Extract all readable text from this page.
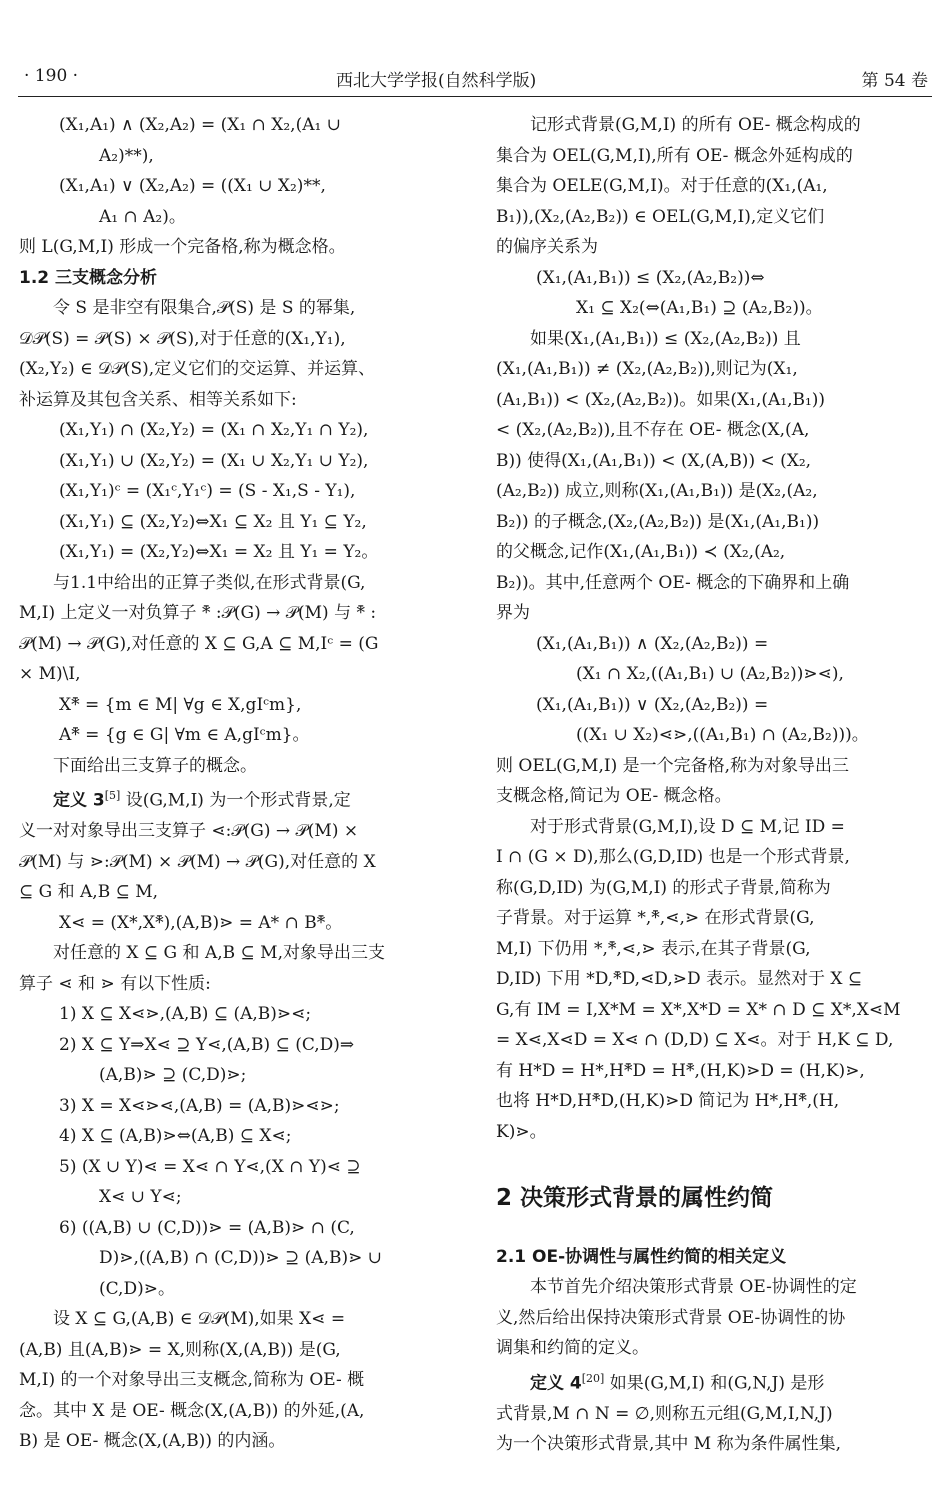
· 190 ·	西北大学学报(自然科学版)	第 54 卷
(X₁,A₁) ∧ (X₂,A₂) = (X₁ ∩ X₂,(A₁ ∪
A₂)**),
(X₁,A₁) ∨ (X₂,A₂) = ((X₁ ∪ X₂)**,
A₁ ∩ A₂)。
则 L(G,M,I) 形成一个完备格,称为概念格。
1.2 三支概念分析
令 S 是非空有限集合,𝒫(S) 是 S 的幂集,
𝒟𝒫(S) = 𝒫(S) × 𝒫(S),对于任意的(X₁,Y₁),
(X₂,Y₂) ∈ 𝒟𝒫(S),定义它们的交运算、并运算、
补运算及其包含关系、相等关系如下:
(X₁,Y₁) ∩ (X₂,Y₂) = (X₁ ∩ X₂,Y₁ ∩ Y₂),
(X₁,Y₁) ∪ (X₂,Y₂) = (X₁ ∪ X₂,Y₁ ∪ Y₂),
(X₁,Y₁)ᶜ = (X₁ᶜ,Y₁ᶜ) = (S - X₁,S - Y₁),
(X₁,Y₁) ⊆ (X₂,Y₂)⇔X₁ ⊆ X₂ 且 Y₁ ⊆ Y₂,
(X₁,Y₁) = (X₂,Y₂)⇔X₁ = X₂ 且 Y₁ = Y₂。
与1.1中给出的正算子类似,在形式背景(G,
M,I) 上定义一对负算子 *̄ :𝒫(G) → 𝒫(M) 与 *̄ :
𝒫(M) → 𝒫(G),对任意的 X ⊆ G,A ⊆ M,Iᶜ = (G
× M)\I,
X*̄ = {m ∈ M| ∀g ∈ X,gIᶜm},
A*̄ = {g ∈ G| ∀m ∈ A,gIᶜm}。
下面给出三支算子的概念。
定义 3[5] 设(G,M,I) 为一个形式背景,定
义一对对象导出三支算子 ⋖:𝒫(G) → 𝒫(M) ×
𝒫(M) 与 ⋗:𝒫(M) × 𝒫(M) → 𝒫(G),对任意的 X
⊆ G 和 A,B ⊆ M,
X⋖ = (X*,X*̄),(A,B)⋗ = A* ∩ B*̄。
对任意的 X ⊆ G 和 A,B ⊆ M,对象导出三支
算子 ⋖ 和 ⋗ 有以下性质:
1) X ⊆ X⋖⋗,(A,B) ⊆ (A,B)⋗⋖;
2) X ⊆ Y⇒X⋖ ⊇ Y⋖,(A,B) ⊆ (C,D)⇒
(A,B)⋗ ⊇ (C,D)⋗;
3) X = X⋖⋗⋖,(A,B) = (A,B)⋗⋖⋗;
4) X ⊆ (A,B)⋗⇔(A,B) ⊆ X⋖;
5) (X ∪ Y)⋖ = X⋖ ∩ Y⋖,(X ∩ Y)⋖ ⊇
X⋖ ∪ Y⋖;
6) ((A,B) ∪ (C,D))⋗ = (A,B)⋗ ∩ (C,
D)⋗,((A,B) ∩ (C,D))⋗ ⊇ (A,B)⋗ ∪
(C,D)⋗。
设 X ⊆ G,(A,B) ∈ 𝒟𝒫(M),如果 X⋖ =
(A,B) 且(A,B)⋗ = X,则称(X,(A,B)) 是(G,
M,I) 的一个对象导出三支概念,简称为 OE- 概
念。其中 X 是 OE- 概念(X,(A,B)) 的外延,(A,
B) 是 OE- 概念(X,(A,B)) 的内涵。
记形式背景(G,M,I) 的所有 OE- 概念构成的
集合为 OEL(G,M,I),所有 OE- 概念外延构成的
集合为 OELE(G,M,I)。对于任意的(X₁,(A₁,
B₁)),(X₂,(A₂,B₂)) ∈ OEL(G,M,I),定义它们
的偏序关系为
(X₁,(A₁,B₁)) ≤ (X₂,(A₂,B₂))⇔
X₁ ⊆ X₂(⇔(A₁,B₁) ⊇ (A₂,B₂))。
如果(X₁,(A₁,B₁)) ≤ (X₂,(A₂,B₂)) 且
(X₁,(A₁,B₁)) ≠ (X₂,(A₂,B₂)),则记为(X₁,
(A₁,B₁)) < (X₂,(A₂,B₂))。如果(X₁,(A₁,B₁))
< (X₂,(A₂,B₂)),且不存在 OE- 概念(X,(A,
B)) 使得(X₁,(A₁,B₁)) < (X,(A,B)) < (X₂,
(A₂,B₂)) 成立,则称(X₁,(A₁,B₁)) 是(X₂,(A₂,
B₂)) 的子概念,(X₂,(A₂,B₂)) 是(X₁,(A₁,B₁))
的父概念,记作(X₁,(A₁,B₁)) ≺ (X₂,(A₂,
B₂))。其中,任意两个 OE- 概念的下确界和上确
界为
(X₁,(A₁,B₁)) ∧ (X₂,(A₂,B₂)) =
(X₁ ∩ X₂,((A₁,B₁) ∪ (A₂,B₂))⋗⋖),
(X₁,(A₁,B₁)) ∨ (X₂,(A₂,B₂)) =
((X₁ ∪ X₂)⋖⋗,((A₁,B₁) ∩ (A₂,B₂)))。
则 OEL(G,M,I) 是一个完备格,称为对象导出三
支概念格,简记为 OE- 概念格。
对于形式背景(G,M,I),设 D ⊆ M,记 ID =
I ∩ (G × D),那么(G,D,ID) 也是一个形式背景,
称(G,D,ID) 为(G,M,I) 的形式子背景,简称为
子背景。对于运算 *,*̄,⋖,⋗ 在形式背景(G,
M,I) 下仍用 *,*̄,⋖,⋗ 表示,在其子背景(G,
D,ID) 下用 *D,*̄D,⋖D,⋗D 表示。显然对于 X ⊆
G,有 IM = I,X*M = X*,X*D = X* ∩ D ⊆ X*,X⋖M
= X⋖,X⋖D = X⋖ ∩ (D,D) ⊆ X⋖。对于 H,K ⊆ D,
有 H*D = H*,H*̄D = H*̄,(H,K)⋗D = (H,K)⋗,
也将 H*D,H*̄D,(H,K)⋗D 简记为 H*,H*̄,(H,
K)⋗。
2 决策形式背景的属性约简
2.1 OE-协调性与属性约简的相关定义
本节首先介绍决策形式背景 OE-协调性的定
义,然后给出保持决策形式背景 OE-协调性的协
调集和约简的定义。
定义 4[20] 如果(G,M,I) 和(G,N,J) 是形
式背景,M ∩ N = ∅,则称五元组(G,M,I,N,J)
为一个决策形式背景,其中 M 称为条件属性集,
